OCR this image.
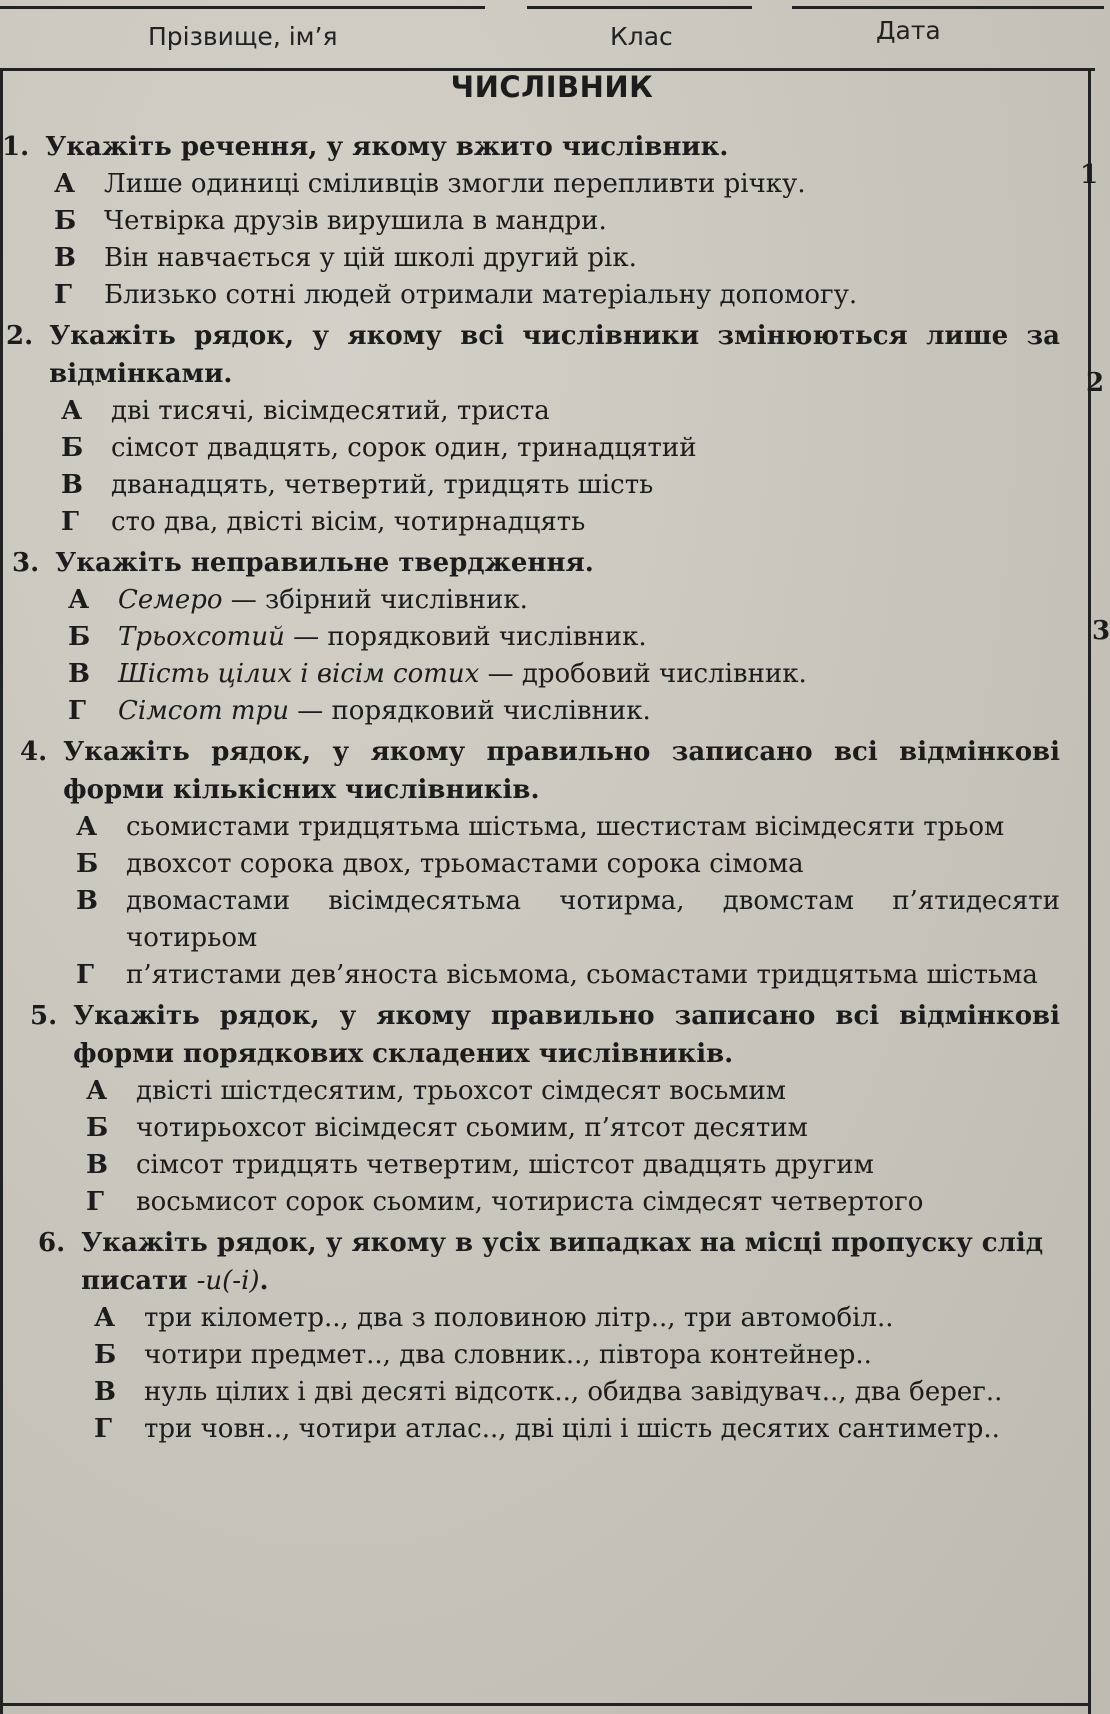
Прізвище, ім’я	Клас	Дата
ЧИСЛІВНИК
1
2
3
1. Укажіть речення, у якому вжито числівник.
А	Лише одиниці сміливців змогли перепливти річку.
Б	Четвірка друзів вирушила в мандри.
В	Він навчається у цій школі другий рік.
Г	Близько сотні людей отримали матеріальну допомогу.
2. Укажіть рядок, у якому всі числівники змінюються лише за відмінками.
А	дві тисячі, вісімдесятий, триста
Б	сімсот двадцять, сорок один, тринадцятий
В	дванадцять, четвертий, тридцять шість
Г	сто два, двісті вісім, чотирнадцять
3. Укажіть неправильне твердження.
А	Семеро — збірний числівник.
Б	Трьохсотий — порядковий числівник.
В	Шість цілих і вісім сотих — дробовий числівник.
Г	Сімсот три — порядковий числівник.
4. Укажіть рядок, у якому правильно записано всі відмінкові форми кількісних числівників.
А	сьомистами тридцятьма шістьма, шестистам вісімдесяти трьом
Б	двохсот сорока двох, трьомастами сорока сімома
В	двомастами вісімдесятьма чотирма, двомстам п’ятидесяти чотирьом
Г	п’ятистами дев’яноста вісьмома, сьомастами тридцятьма шістьма
5. Укажіть рядок, у якому правильно записано всі відмінкові форми порядкових складених числівників.
А	двісті шістдесятим, трьохсот сімдесят восьмим
Б	чотирьохсот вісімдесят сьомим, п’ятсот десятим
В	сімсот тридцять четвертим, шістсот двадцять другим
Г	восьмисот сорок сьомим, чотириста сімдесят четвертого
6. Укажіть рядок, у якому в усіх випадках на місці пропуску слід писати -и(-і).
А	три кілометр.., два з половиною літр.., три автомобіл..
Б	чотири предмет.., два словник.., півтора контейнер..
В	нуль цілих і дві десяті відсотк.., обидва завідувач.., два берег..
Г	три човн.., чотири атлас.., дві цілі і шість десятих сантиметр..
